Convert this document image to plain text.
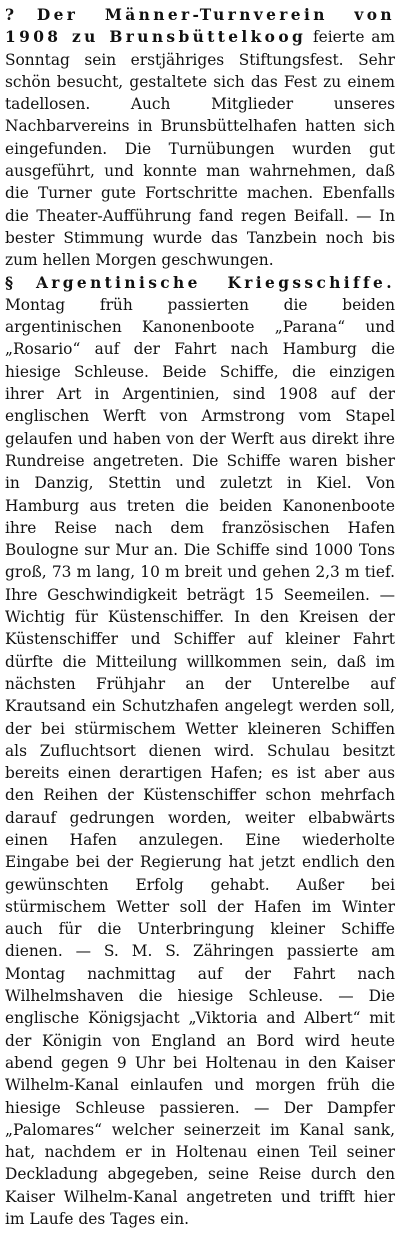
? Der Männer-Turnverein von 1908 zu Brunsbüttelkoog feierte am Sonntag sein erstjähriges Stiftungsfest. Sehr schön besucht, gestaltete sich das Fest zu einem tadellosen. Auch Mitglieder unseres Nachbarvereins in Brunsbüttelhafen hatten sich eingefunden. Die Turnübungen wurden gut ausgeführt, und konnte man wahrnehmen, daß die Turner gute Fortschritte machen. Ebenfalls die Theater-Aufführung fand regen Beifall. — In bester Stimmung wurde das Tanzbein noch bis zum hellen Morgen geschwungen.

§ Argentinische Kriegsschiffe. Montag früh passierten die beiden argentinischen Kanonenboote „Parana“ und „Rosario“ auf der Fahrt nach Hamburg die hiesige Schleuse. Beide Schiffe, die einzigen ihrer Art in Argentinien, sind 1908 auf der englischen Werft von Armstrong vom Stapel gelaufen und haben von der Werft aus direkt ihre Rundreise angetreten. Die Schiffe waren bisher in Danzig, Stettin und zuletzt in Kiel. Von Hamburg aus treten die beiden Kanonenboote ihre Reise nach dem französischen Hafen Boulogne sur Mur an. Die Schiffe sind 1000 Tons groß, 73 m lang, 10 m breit und gehen 2,3 m tief. Ihre Geschwindigkeit beträgt 15 Seemeilen. — Wichtig für Küstenschiffer. In den Kreisen der Küstenschiffer und Schiffer auf kleiner Fahrt dürfte die Mitteilung willkommen sein, daß im nächsten Frühjahr an der Unterelbe auf Krautsand ein Schutzhafen angelegt werden soll, der bei stürmischem Wetter kleineren Schiffen als Zufluchtsort dienen wird. Schulau besitzt bereits einen derartigen Hafen; es ist aber aus den Reihen der Küstenschiffer schon mehrfach darauf gedrungen worden, weiter elbabwärts einen Hafen anzulegen. Eine wiederholte Eingabe bei der Regierung hat jetzt endlich den gewünschten Erfolg gehabt. Außer bei stürmischem Wetter soll der Hafen im Winter auch für die Unterbringung kleiner Schiffe dienen. — S. M. S. Zähringen passierte am Montag nachmittag auf der Fahrt nach Wilhelmshaven die hiesige Schleuse. — Die englische Königsjacht „Viktoria and Albert“ mit der Königin von England an Bord wird heute abend gegen 9 Uhr bei Holtenau in den Kaiser Wilhelm-Kanal einlaufen und morgen früh die hiesige Schleuse passieren. — Der Dampfer „Palomares“ welcher seinerzeit im Kanal sank, hat, nachdem er in Holtenau einen Teil seiner Deckladung abgegeben, seine Reise durch den Kaiser Wilhelm-Kanal angetreten und trifft hier im Laufe des Tages ein.
